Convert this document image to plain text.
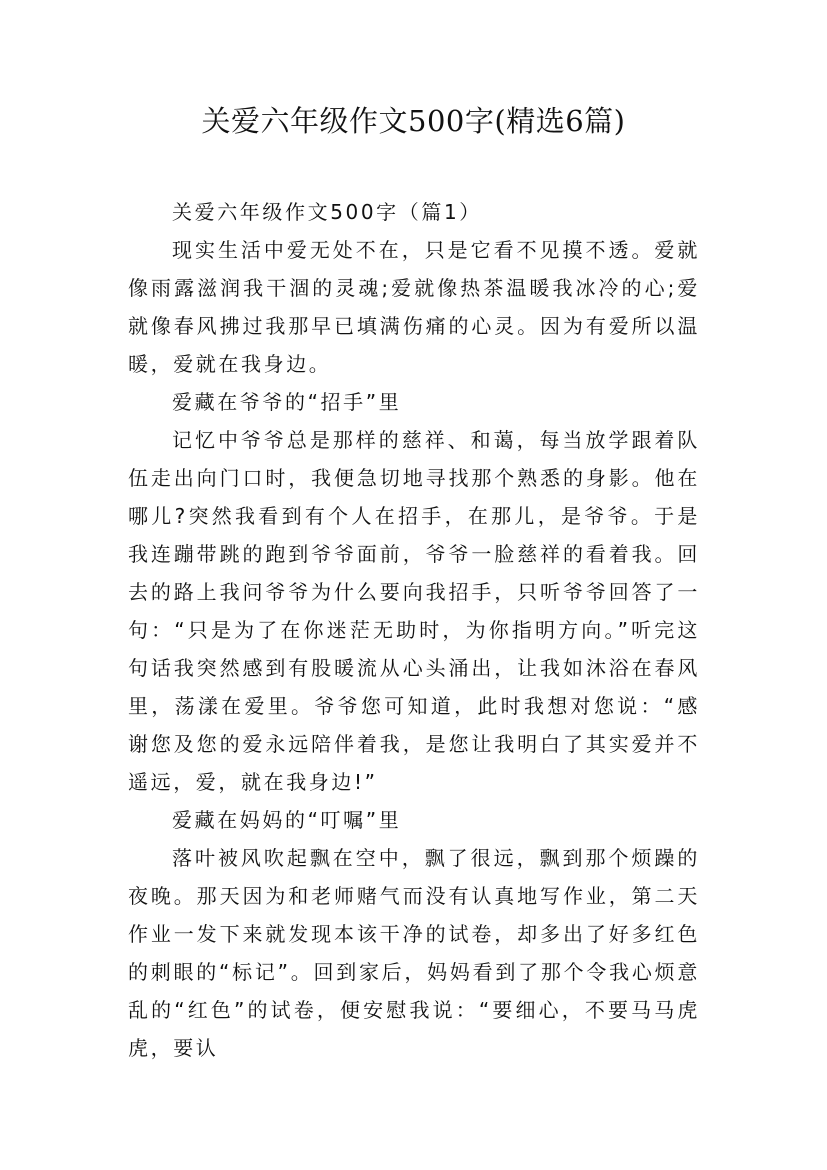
关爱六年级作文500字(精选6篇)

关爱六年级作文500字（篇1）

现实生活中爱无处不在，只是它看不见摸不透。爱就像雨露滋润我干涸的灵魂;爱就像热茶温暖我冰冷的心;爱就像春风拂过我那早已填满伤痛的心灵。因为有爱所以温暖，爱就在我身边。

爱藏在爷爷的“招手”里

记忆中爷爷总是那样的慈祥、和蔼，每当放学跟着队伍走出向门口时，我便急切地寻找那个熟悉的身影。他在哪儿?突然我看到有个人在招手，在那儿，是爷爷。于是我连蹦带跳的跑到爷爷面前，爷爷一脸慈祥的看着我。回去的路上我问爷爷为什么要向我招手，只听爷爷回答了一句：“只是为了在你迷茫无助时，为你指明方向。”听完这句话我突然感到有股暖流从心头涌出，让我如沐浴在春风里，荡漾在爱里。爷爷您可知道，此时我想对您说：“感谢您及您的爱永远陪伴着我，是您让我明白了其实爱并不遥远，爱，就在我身边!”

爱藏在妈妈的“叮嘱”里

落叶被风吹起飘在空中，飘了很远，飘到那个烦躁的夜晚。那天因为和老师赌气而没有认真地写作业，第二天作业一发下来就发现本该干净的试卷，却多出了好多红色的刺眼的“标记”。回到家后，妈妈看到了那个令我心烦意乱的“红色”的试卷，便安慰我说：“要细心，不要马马虎虎，要认
